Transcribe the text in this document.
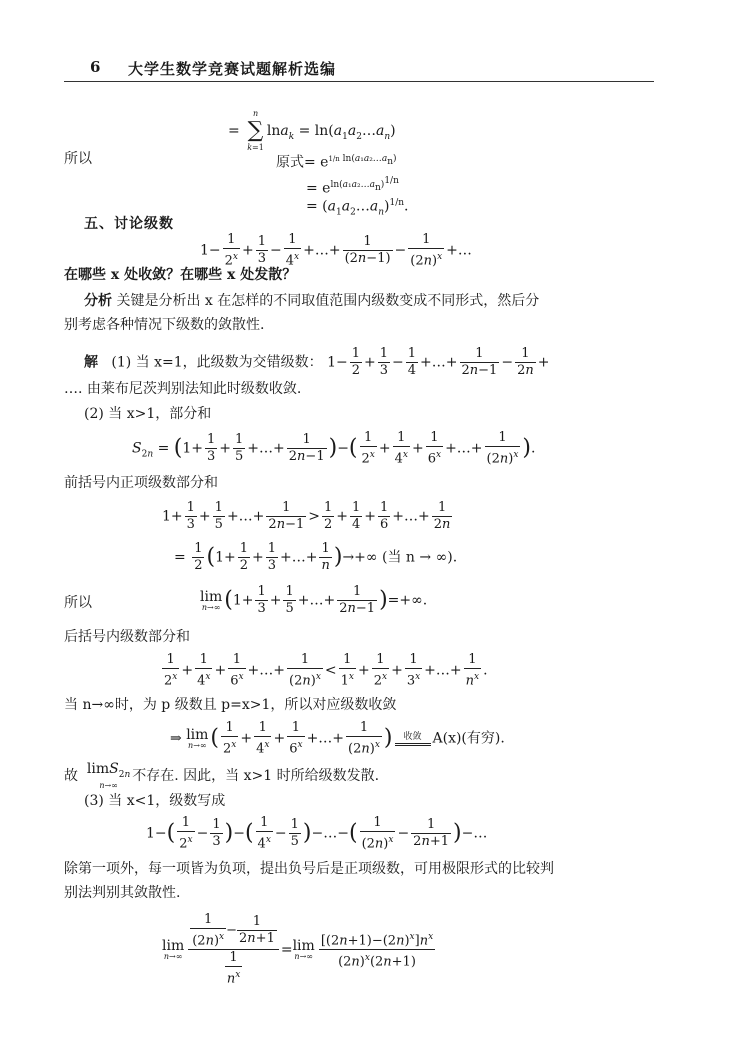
6 大学生数学竞赛试题解析选编
=
n
∑
k=1
$\ln a_k = \ln(a_1a_2\dots a_n)$
所以	原式= $e^{1/n ln(a_1a_2\dots a_n)}$
= $e^{ln(a_1a_2\dots a_n)^{1/n}}$
= $(a_1a_2\dots a_n)^{1/n}$.
五、讨论级数
$1- \frac{1}{2^x} + \frac{1}{3} - \frac{1}{4^x}$ +…+ $\frac{1}{(2n-1)} - \frac{1}{(2n)^x}$ +…
在哪些 x 处收敛？在哪些 x 处发散？
分析 关键是分析出 x 在怎样的不同取值范围内级数变成不同形式，然后分
别考虑各种情况下级数的敛散性.
解 (1) 当 x=1，此级数为交错级数： $1- \frac{1}{2} + \frac{1}{3} - \frac{1}{4}$ +…+ $\frac{1}{2n-1} - \frac{1}{2n}$ +
…. 由莱布尼茨判别法知此时级数收敛.
(2) 当 x>1，部分和
$S_{2n} = (1+ \frac{1}{3} + \frac{1}{5}$ +…+ $\frac{1}{2n-1}$ )−( $\frac{1}{2^x} + \frac{1}{4^x} + \frac{1}{6^x}$ +…+ $\frac{1}{(2n)^x}$ ).
前括号内正项级数部分和
$1+ \frac{1}{3} + \frac{1}{5}$ +…+ $\frac{1}{2n-1} > \frac{1}{2} + \frac{1}{4} + \frac{1}{6}$ +…+ $\frac{1}{2n}$
= $\frac{1}{2} (1+ \frac{1}{2} + \frac{1}{3}$ +…+ $\frac{1}{n}$ )→+∞ (当 n → ∞).
所以	lim
n→∞ ($1+ \frac{1}{3} + \frac{1}{5}$ +…+ $\frac{1}{2n-1}$ )=+∞.
后括号内级数部分和
$\frac{1}{2^x} + \frac{1}{4^x} + \frac{1}{6^x}$ +…+ $\frac{1}{(2n)^x} < \frac{1}{1^x} + \frac{1}{2^x} + \frac{1}{3^x}$ +…+ $\frac{1}{n^x}$ .
当 n→∞时，为 p 级数且 p=x>1，所以对应级数收敛
⇒ lim
n→∞ ( $\frac{1}{2^x} + \frac{1}{4^x} + \frac{1}{6^x}$ +…+ $\frac{1}{(2n)^x}$ )	收敛 A(x)(有穷).
故 limS$_{2n}$
n→∞
不存在. 因此，当 x>1 时所给级数发散.
(3) 当 x<1，级数写成
$1-( \frac{1}{2^x} - \frac{1}{3}$ )−( $\frac{1}{4^x} - \frac{1}{5}$ )−…−( $\frac{1}{(2n)^x} - \frac{1}{2n+1}$ )−…
除第一项外，每一项皆为负项，提出负号后是正项级数，可用极限形式的比较判
别法判别其敛散性.
lim
$n\to\infty \frac{\frac{1}{(2n)^x} - \frac{1}{2n+1}}{\frac{1}{n^x}} = \lim$
$n\to\infty \frac{[(2n+1)-(2n)^x]n^x}{(2n)^x(2n+1)}$
